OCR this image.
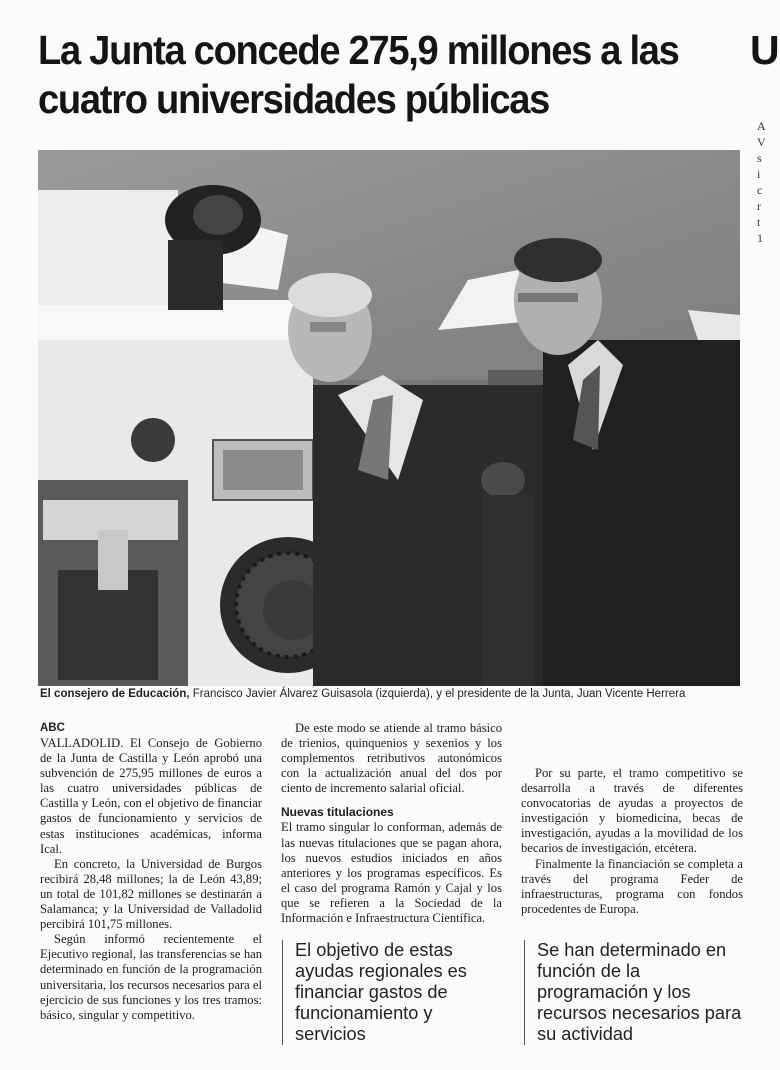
La Junta concede 275,9 millones a las cuatro universidades públicas
U

El consejero de Educación, Francisco Javier Álvarez Guisasola (izquierda), y el presidente de la Junta, Juan Vicente Herrera

A
V
s
i
c
r
t
1

ABC

VALLADOLID. El Consejo de Gobierno de la Junta de Castilla y León aprobó una subvención de 275,95 millones de euros a las cuatro universidades públicas de Castilla y León, con el objetivo de financiar gastos de funcionamiento y servicios de estas instituciones académicas, informa Ical.

En concreto, la Universidad de Burgos recibirá 28,48 millones; la de León 43,89; un total de 101,82 millones se destinarán a Salamanca; y la Universidad de Valladolid percibirá 101,75 millones.

Según informó recientemente el Ejecutivo regional, las transferencias se han determinado en función de la programación universitaria, los recursos necesarios para el ejercicio de sus funciones y los tres tramos: básico, singular y competitivo.

De este modo se atiende al tramo básico de trienios, quinquenios y sexenios y los complementos retributivos autonómicos con la actualización anual del dos por ciento de incremento salarial oficial.

Nuevas titulaciones

El tramo singular lo conforman, además de las nuevas titulaciones que se pagan ahora, los nuevos estudios iniciados en años anteriores y los programas específicos. Es el caso del programa Ramón y Cajal y los que se refieren a la Sociedad de la Información e Infraestructura Científica.

Por su parte, el tramo competitivo se desarrolla a través de diferentes convocatorias de ayudas a proyectos de investigación y biomedicina, becas de investigación, ayudas a la movilidad de los becarios de investigación, etcétera.

Finalmente la financiación se completa a través del programa Feder de infraestructuras, programa con fondos procedentes de Europa.

El objetivo de estas ayudas regionales es financiar gastos de funcionamiento y servicios
Se han determinado en función de la programación y los recursos necesarios para su actividad
